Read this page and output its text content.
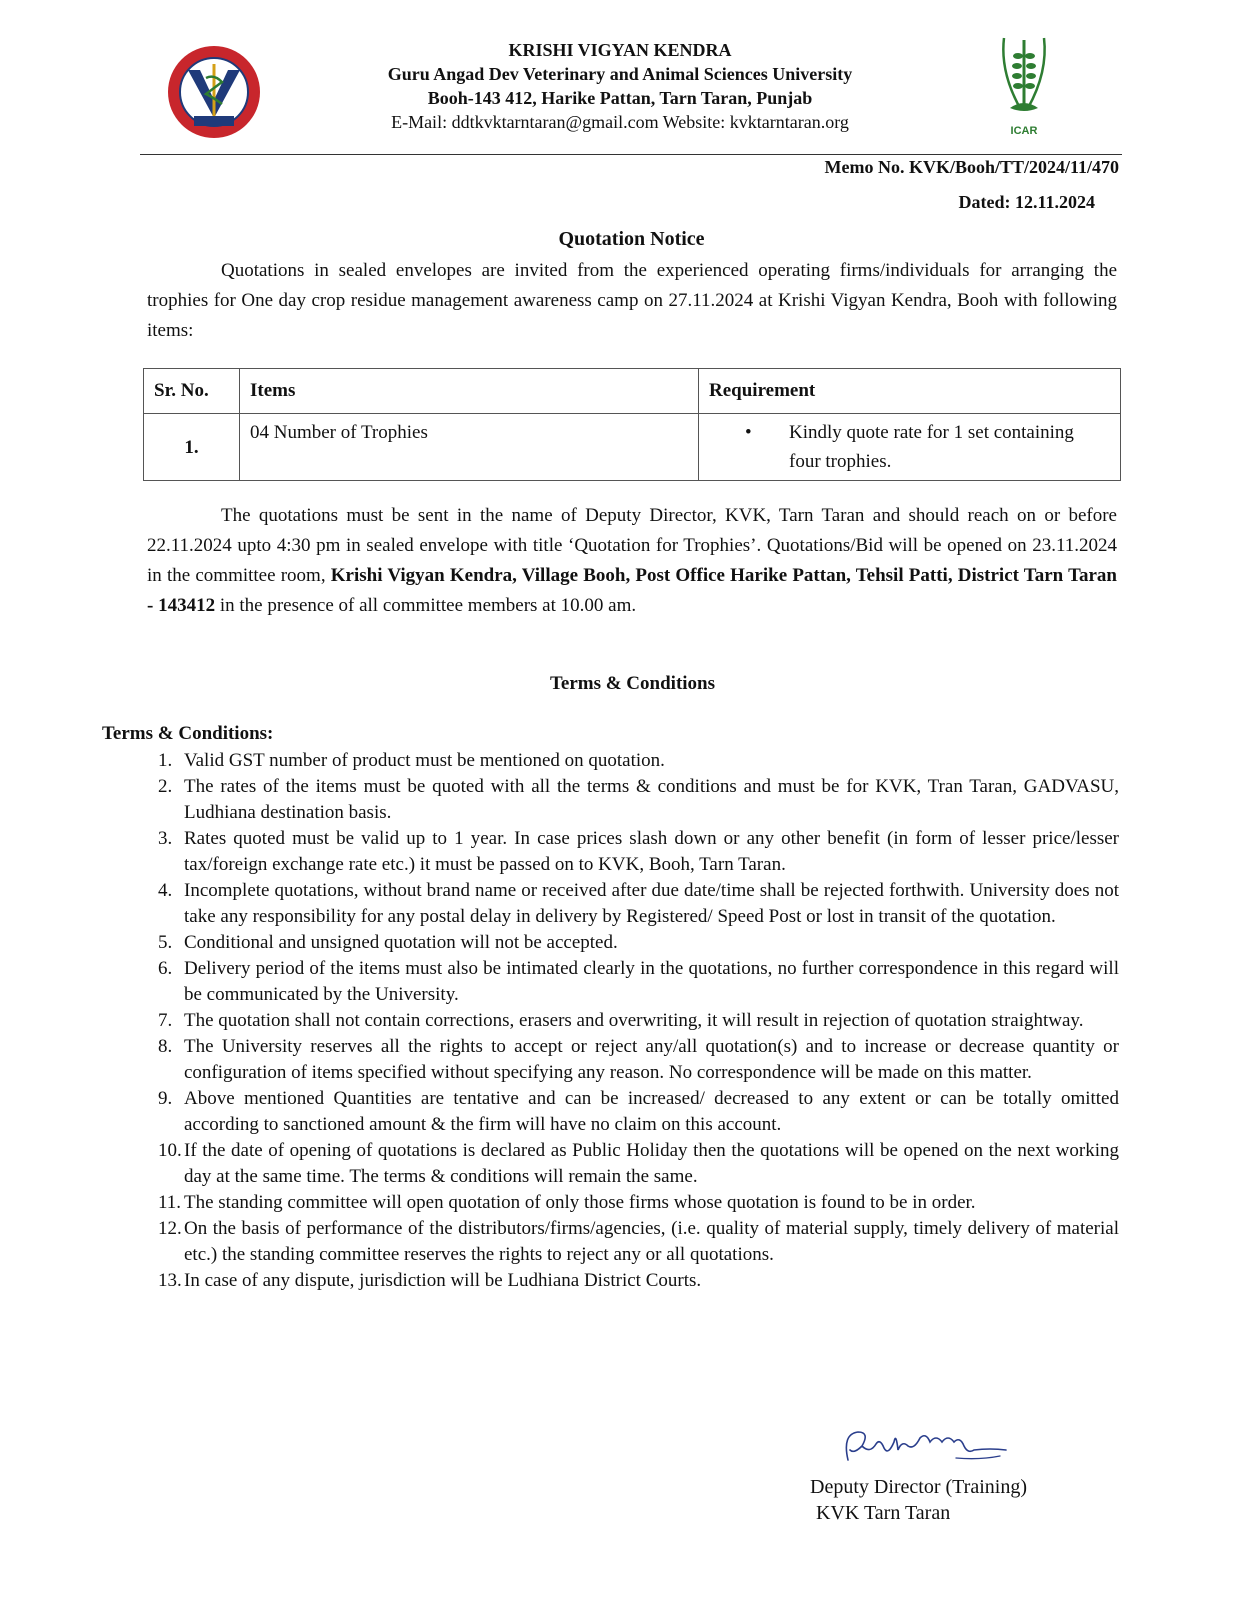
KRISHI VIGYAN KENDRA
Guru Angad Dev Veterinary and Animal Sciences University
Booh-143 412, Harike Pattan, Tarn Taran, Punjab
E-Mail: ddtkvktarntaran@gmail.com Website: kvktarntaran.org	ICAR
Memo No. KVK/Booh/TT/2024/11/470
Dated: 12.11.2024
Quotation Notice
Quotations in sealed envelopes are invited from the experienced operating firms/individuals for arranging the trophies for One day crop residue management awareness camp on 27.11.2024 at Krishi Vigyan Kendra, Booh with following items:
Sr. No.	Items	Requirement
1.	04 Number of Trophies	• Kindly quote rate for 1 set containing four trophies.
The quotations must be sent in the name of Deputy Director, KVK, Tarn Taran and should reach on or before 22.11.2024 upto 4:30 pm in sealed envelope with title ‘Quotation for Trophies’. Quotations/Bid will be opened on 23.11.2024 in the committee room, Krishi Vigyan Kendra, Village Booh, Post Office Harike Pattan, Tehsil Patti, District Tarn Taran - 143412 in the presence of all committee members at 10.00 am.
Terms & Conditions
Terms & Conditions:
1. Valid GST number of product must be mentioned on quotation.
2. The rates of the items must be quoted with all the terms & conditions and must be for KVK, Tran Taran, GADVASU, Ludhiana destination basis.
3. Rates quoted must be valid up to 1 year. In case prices slash down or any other benefit (in form of lesser price/lesser tax/foreign exchange rate etc.) it must be passed on to KVK, Booh, Tarn Taran.
4. Incomplete quotations, without brand name or received after due date/time shall be rejected forthwith. University does not take any responsibility for any postal delay in delivery by Registered/ Speed Post or lost in transit of the quotation.
5. Conditional and unsigned quotation will not be accepted.
6. Delivery period of the items must also be intimated clearly in the quotations, no further correspondence in this regard will be communicated by the University.
7. The quotation shall not contain corrections, erasers and overwriting, it will result in rejection of quotation straightway.
8. The University reserves all the rights to accept or reject any/all quotation(s) and to increase or decrease quantity or configuration of items specified without specifying any reason. No correspondence will be made on this matter.
9. Above mentioned Quantities are tentative and can be increased/ decreased to any extent or can be totally omitted according to sanctioned amount & the firm will have no claim on this account.
10. If the date of opening of quotations is declared as Public Holiday then the quotations will be opened on the next working day at the same time. The terms & conditions will remain the same.
11. The standing committee will open quotation of only those firms whose quotation is found to be in order.
12. On the basis of performance of the distributors/firms/agencies, (i.e. quality of material supply, timely delivery of material etc.) the standing committee reserves the rights to reject any or all quotations.
13. In case of any dispute, jurisdiction will be Ludhiana District Courts.
Deputy Director (Training)
KVK Tarn Taran
